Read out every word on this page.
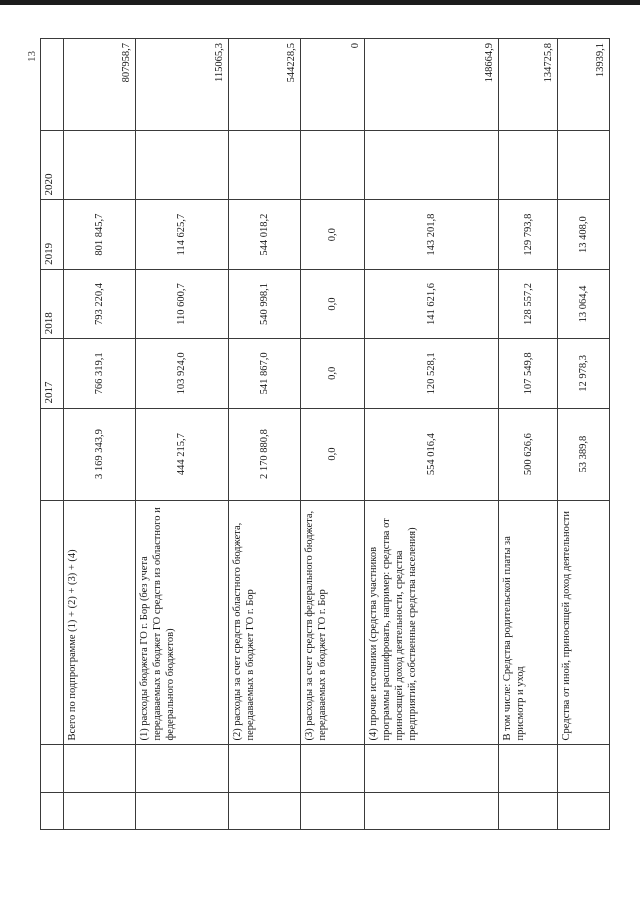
13
				2017	2018	2019	2020	
		Всего по подпрограмме (1) + (2) + (3) + (4)	3 169 343,9	766 319,1	793 220,4	801 845,7		807958,7
		(1) расходы бюджета ГО г. Бор (без учета передаваемых в бюджет ГО средств из областного и федерального бюджетов)	444 215,7	103 924,0	110 600,7	114 625,7		115065,3
		(2) расходы за счет средств областного бюджета, передаваемых в бюджет ГО г. Бор	2 170 880,8	541 867,0	540 998,1	544 018,2		544228,5
		(3) расходы за счет средств федерального бюджета, передаваемых в бюджет ГО г. Бор	0,0	0,0	0,0	0,0		0
		(4) прочие источники (средства участников программы расшифровать, например: средства от приносящей доход деятельности, средства предприятий, собственные средства населения)	554 016,4	120 528,1	141 621,6	143 201,8		148664,9
		В том числе: Средства родительской платы за присмотр и уход	500 626,6	107 549,8	128 557,2	129 793,8		134725,8
		Средства от иной, приносящей доход деятельности	53 389,8	12 978,3	13 064,4	13 408,0		13939,1
